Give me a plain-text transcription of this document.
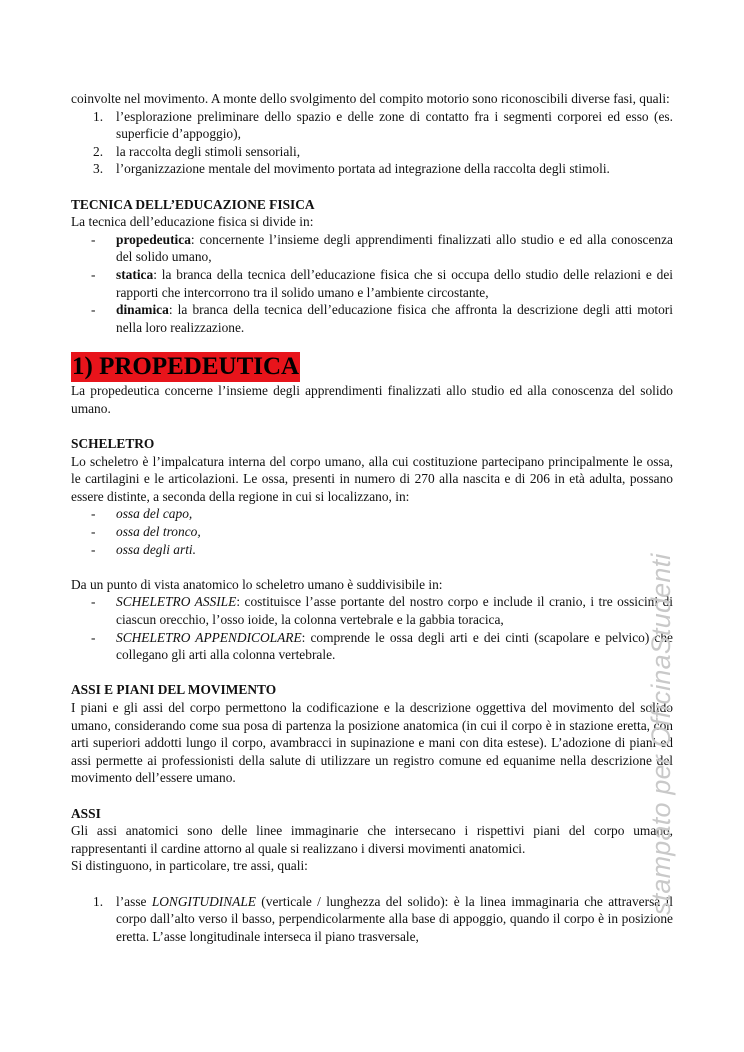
coinvolte nel movimento. A monte dello svolgimento del compito motorio sono riconoscibili diverse fasi, quali:

1. l’esplorazione preliminare dello spazio e delle zone di contatto fra i segmenti corporei ed esso (es. superficie d’appoggio),
2. la raccolta degli stimoli sensoriali,
3. l’organizzazione mentale del movimento portata ad integrazione della raccolta degli stimoli.

TECNICA DELL’EDUCAZIONE FISICA

La tecnica dell’educazione fisica si divide in:

- propedeutica: concernente l’insieme degli apprendimenti finalizzati allo studio e ed alla conoscenza del solido umano,
- statica: la branca della tecnica dell’educazione fisica che si occupa dello studio delle relazioni e dei rapporti che intercorrono tra il solido umano e l’ambiente circostante,
- dinamica: la branca della tecnica dell’educazione fisica che affronta la descrizione degli atti motori nella loro realizzazione.
1) PROPEDEUTICA

La propedeutica concerne l’insieme degli apprendimenti finalizzati allo studio ed alla conoscenza del solido umano.

SCHELETRO

Lo scheletro è l’impalcatura interna del corpo umano, alla cui costituzione partecipano principalmente le ossa, le cartilagini e le articolazioni. Le ossa, presenti in numero di 270 alla nascita e di 206 in età adulta, possano essere distinte, a seconda della regione in cui si localizzano, in:

- ossa del capo,
- ossa del tronco,
- ossa degli arti.

Da un punto di vista anatomico lo scheletro umano è suddivisibile in:

- SCHELETRO ASSILE: costituisce l’asse portante del nostro corpo e include il cranio, i tre ossicini di ciascun orecchio, l’osso ioide, la colonna vertebrale e la gabbia toracica,
- SCHELETRO APPENDICOLARE: comprende le ossa degli arti e dei cinti (scapolare e pelvico) che collegano gli arti alla colonna vertebrale.

ASSI E PIANI DEL MOVIMENTO

I piani e gli assi del corpo permettono la codificazione e la descrizione oggettiva del movimento del solido umano, considerando come sua posa di partenza la posizione anatomica (in cui il corpo è in stazione eretta, con arti superiori addotti lungo il corpo, avambracci in supinazione e mani con dita estese). L’adozione di piani ed assi permette ai professionisti della salute di utilizzare un registro comune ed equanime nella descrizione del movimento dell’essere umano.

ASSI

Gli assi anatomici sono delle linee immaginarie che intersecano i rispettivi piani del corpo umano, rappresentanti il cardine attorno al quale si realizzano i diversi movimenti anatomici.

Si distinguono, in particolare, tre assi, quali:

1. l’asse LONGITUDINALE (verticale / lunghezza del solido): è la linea immaginaria che attraversa il corpo dall’alto verso il basso, perpendicolarmente alla base di appoggio, quando il corpo è in posizione eretta. L’asse longitudinale interseca il piano trasversale,
stampato per OfficinaStudenti
